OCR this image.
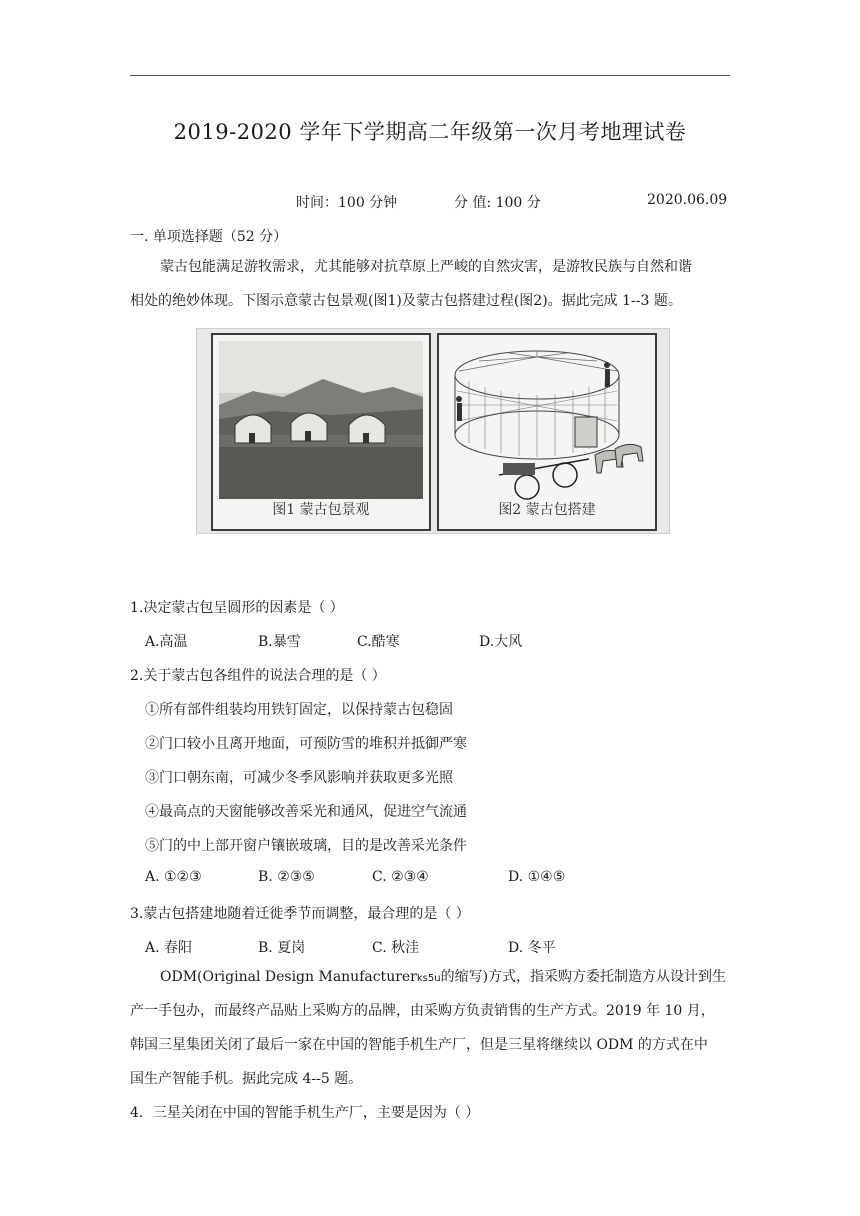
2019-2020 学年下学期高二年级第一次月考地理试卷
时间：100 分钟	分 值: 100 分	2020.06.09
一. 单项选择题（52 分）
蒙古包能满足游牧需求，尤其能够对抗草原上严峻的自然灾害，是游牧民族与自然和谐
相处的绝妙体现。下图示意蒙古包景观(图1)及蒙古包搭建过程(图2)。据此完成 1--3 题。
图1 蒙古包景观	图2 蒙古包搭建
1.决定蒙古包呈圆形的因素是（ ）
A.高温	B.暴雪	C.酷寒	D.大风
2.关于蒙古包各组件的说法合理的是（ ）
①所有部件组装均用铁钉固定，以保持蒙古包稳固
②门口较小且离开地面，可预防雪的堆积并抵御严寒
③门口朝东南，可减少冬季风影响并获取更多光照
④最高点的天窗能够改善采光和通风，促进空气流通
⑤门的中上部开窗户镶嵌玻璃，目的是改善采光条件
A. ①②③	B. ②③⑤	C. ②③④	D. ①④⑤
3.蒙古包搭建地随着迁徙季节而调整，最合理的是（ ）
A. 春阳	B. 夏岗	C. 秋洼	D. 冬平
ODM(Original Design Manufacturerks5u的缩写)方式，指采购方委托制造方从设计到生
产一手包办，而最终产品贴上采购方的品牌，由采购方负责销售的生产方式。2019 年 10 月，
韩国三星集团关闭了最后一家在中国的智能手机生产厂，但是三星将继续以 ODM 的方式在中
国生产智能手机。据此完成 4--5 题。
4．三星关闭在中国的智能手机生产厂，主要是因为（ ）
